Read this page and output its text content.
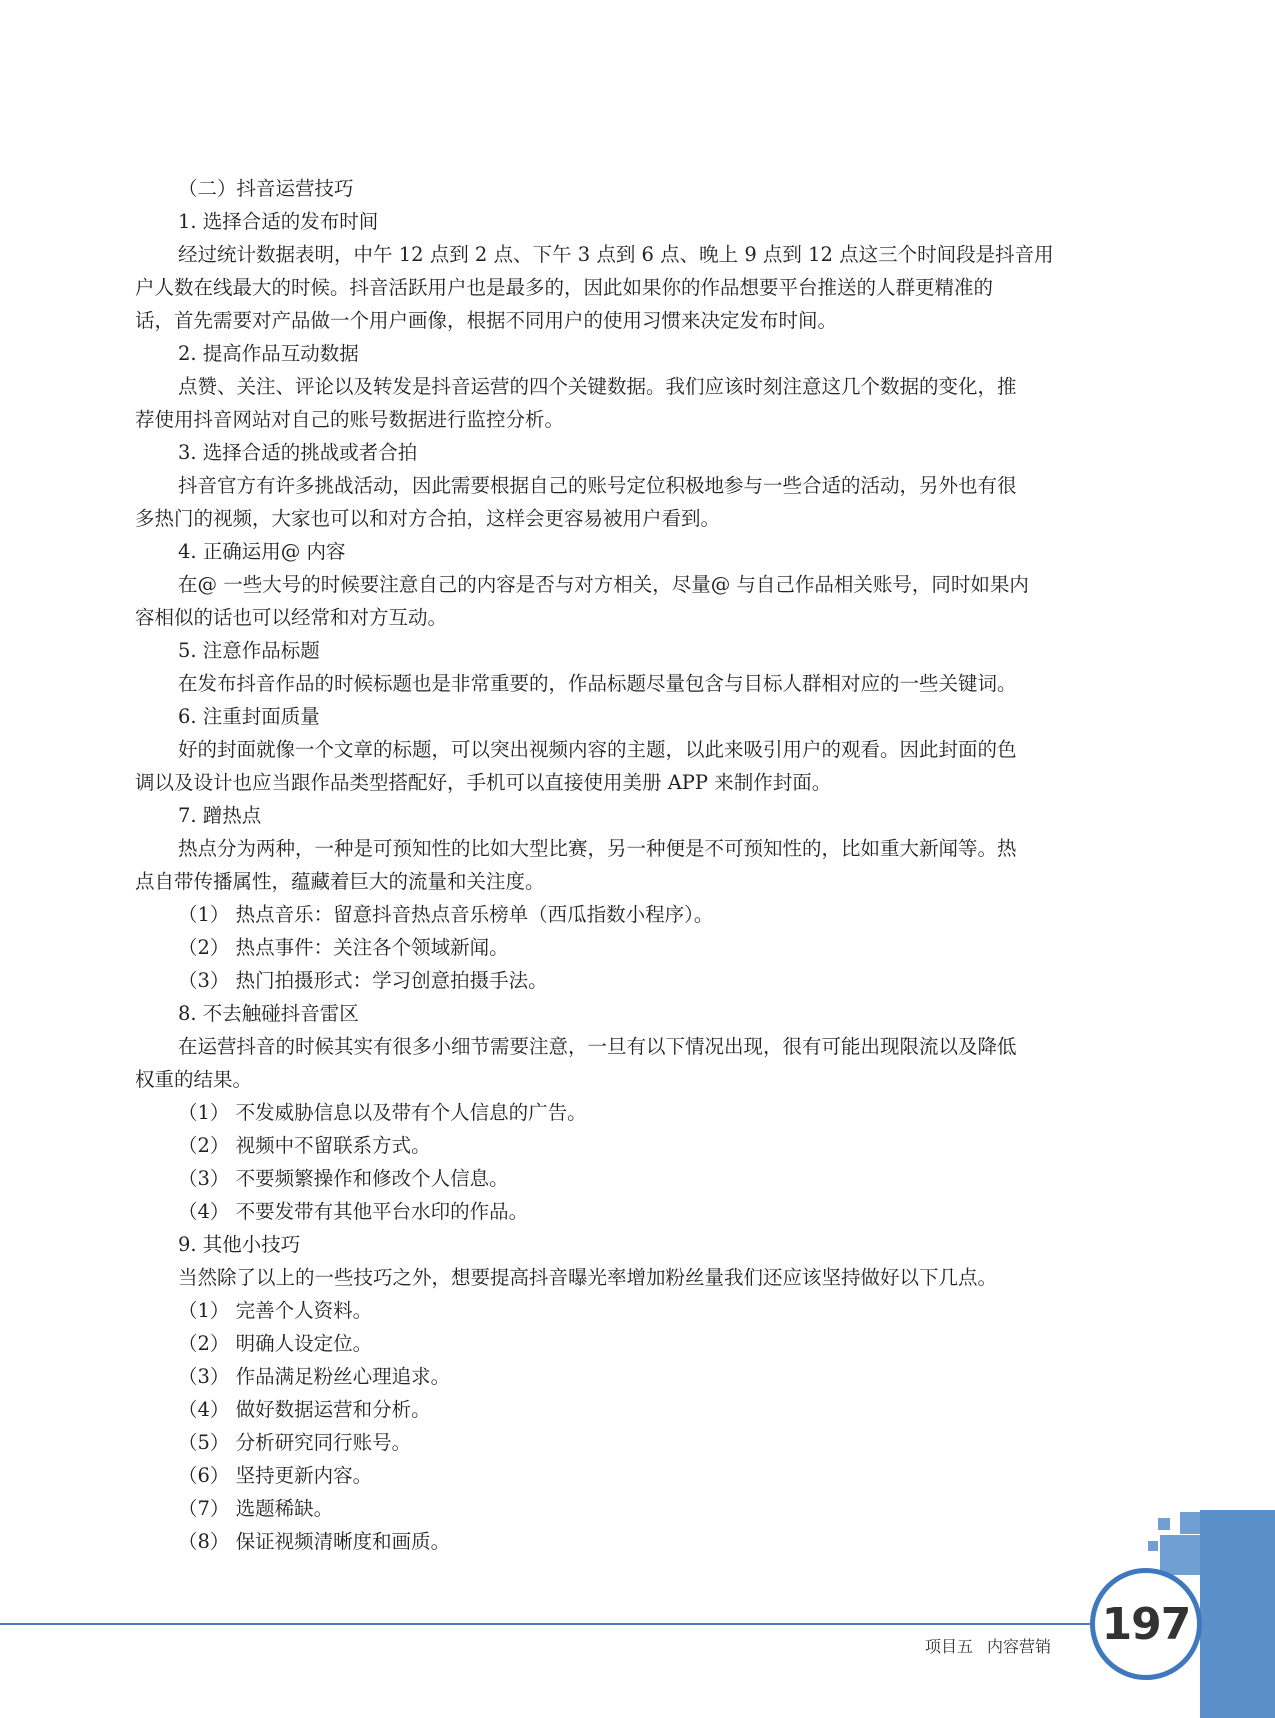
（二）抖音运营技巧
1. 选择合适的发布时间
经过统计数据表明，中午 12 点到 2 点、下午 3 点到 6 点、晚上 9 点到 12 点这三个时间段是抖音用
户人数在线最大的时候。抖音活跃用户也是最多的，因此如果你的作品想要平台推送的人群更精准的
话，首先需要对产品做一个用户画像，根据不同用户的使用习惯来决定发布时间。
2. 提高作品互动数据
点赞、关注、评论以及转发是抖音运营的四个关键数据。我们应该时刻注意这几个数据的变化，推
荐使用抖音网站对自己的账号数据进行监控分析。
3. 选择合适的挑战或者合拍
抖音官方有许多挑战活动，因此需要根据自己的账号定位积极地参与一些合适的活动，另外也有很
多热门的视频，大家也可以和对方合拍，这样会更容易被用户看到。
4. 正确运用@ 内容
在@ 一些大号的时候要注意自己的内容是否与对方相关，尽量@ 与自己作品相关账号，同时如果内
容相似的话也可以经常和对方互动。
5. 注意作品标题
在发布抖音作品的时候标题也是非常重要的，作品标题尽量包含与目标人群相对应的一些关键词。
6. 注重封面质量
好的封面就像一个文章的标题，可以突出视频内容的主题，以此来吸引用户的观看。因此封面的色
调以及设计也应当跟作品类型搭配好，手机可以直接使用美册 APP 来制作封面。
7. 蹭热点
热点分为两种，一种是可预知性的比如大型比赛，另一种便是不可预知性的，比如重大新闻等。热
点自带传播属性，蕴藏着巨大的流量和关注度。
（1） 热点音乐：留意抖音热点音乐榜单（西瓜指数小程序）。
（2） 热点事件：关注各个领域新闻。
（3） 热门拍摄形式：学习创意拍摄手法。
8. 不去触碰抖音雷区
在运营抖音的时候其实有很多小细节需要注意，一旦有以下情况出现，很有可能出现限流以及降低
权重的结果。
（1） 不发威胁信息以及带有个人信息的广告。
（2） 视频中不留联系方式。
（3） 不要频繁操作和修改个人信息。
（4） 不要发带有其他平台水印的作品。
9. 其他小技巧
当然除了以上的一些技巧之外，想要提高抖音曝光率增加粉丝量我们还应该坚持做好以下几点。
（1） 完善个人资料。
（2） 明确人设定位。
（3） 作品满足粉丝心理追求。
（4） 做好数据运营和分析。
（5） 分析研究同行账号。
（6） 坚持更新内容。
（7） 选题稀缺。
（8） 保证视频清晰度和画质。
197
项目五 内容营销
